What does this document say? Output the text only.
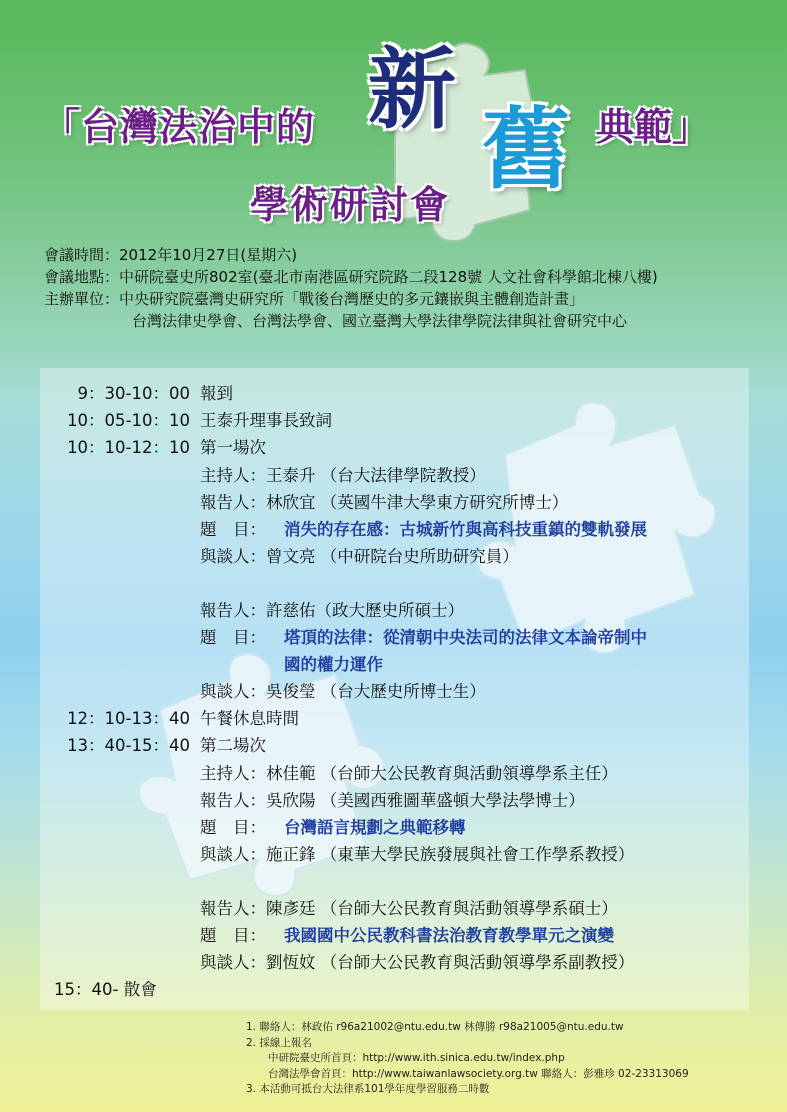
「台灣法治中的 新
舊 典範」
學術研討會
會議時間：2012年10月27日(星期六)
會議地點：中研院臺史所802室(臺北市南港區研究院路二段128號 人文社會科學館北棟八樓)
主辦單位：中央研究院臺灣史研究所「戰後台灣歷史的多元鑲嵌與主體創造計畫」
台灣法律史學會、台灣法學會、國立臺灣大學法律學院法律與社會研究中心
9：30-10：00 報到
10：05-10：10 王泰升理事長致詞
10：10-12：10 第一場次
主持人：王泰升 （台大法律學院教授）
報告人：林欣宜 （英國牛津大學東方研究所博士）
題　目： 消失的存在感：古城新竹與高科技重鎮的雙軌發展
與談人：曾文亮 （中研院台史所助研究員）
報告人：許慈佑（政大歷史所碩士）
題　目： 塔頂的法律：從清朝中央法司的法律文本論帝制中
國的權力運作
與談人：吳俊瑩 （台大歷史所博士生）
12：10-13：40 午餐休息時間
13：40-15：40 第二場次
主持人：林佳範 （台師大公民教育與活動領導學系主任）
報告人：吳欣陽 （美國西雅圖華盛頓大學法學博士）
題　目： 台灣語言規劃之典範移轉
與談人：施正鋒 （東華大學民族發展與社會工作學系教授）
報告人：陳彥廷 （台師大公民教育與活動領導學系碩士）
題　目： 我國國中公民教科書法治教育教學單元之演變
與談人：劉恆妏 （台師大公民教育與活動領導學系副教授）
15：40- 散會
1. 聯絡人：林政佑 r96a21002@ntu.edu.tw 林傳勝 r98a21005@ntu.edu.tw
2. 採線上報名
中研院臺史所首頁：http://www.ith.sinica.edu.tw/index.php
台灣法學會首頁：http://www.taiwanlawsociety.org.tw 聯絡人：彭雅珍 02-23313069
3. 本活動可抵台大法律系101學年度學習服務二時數
